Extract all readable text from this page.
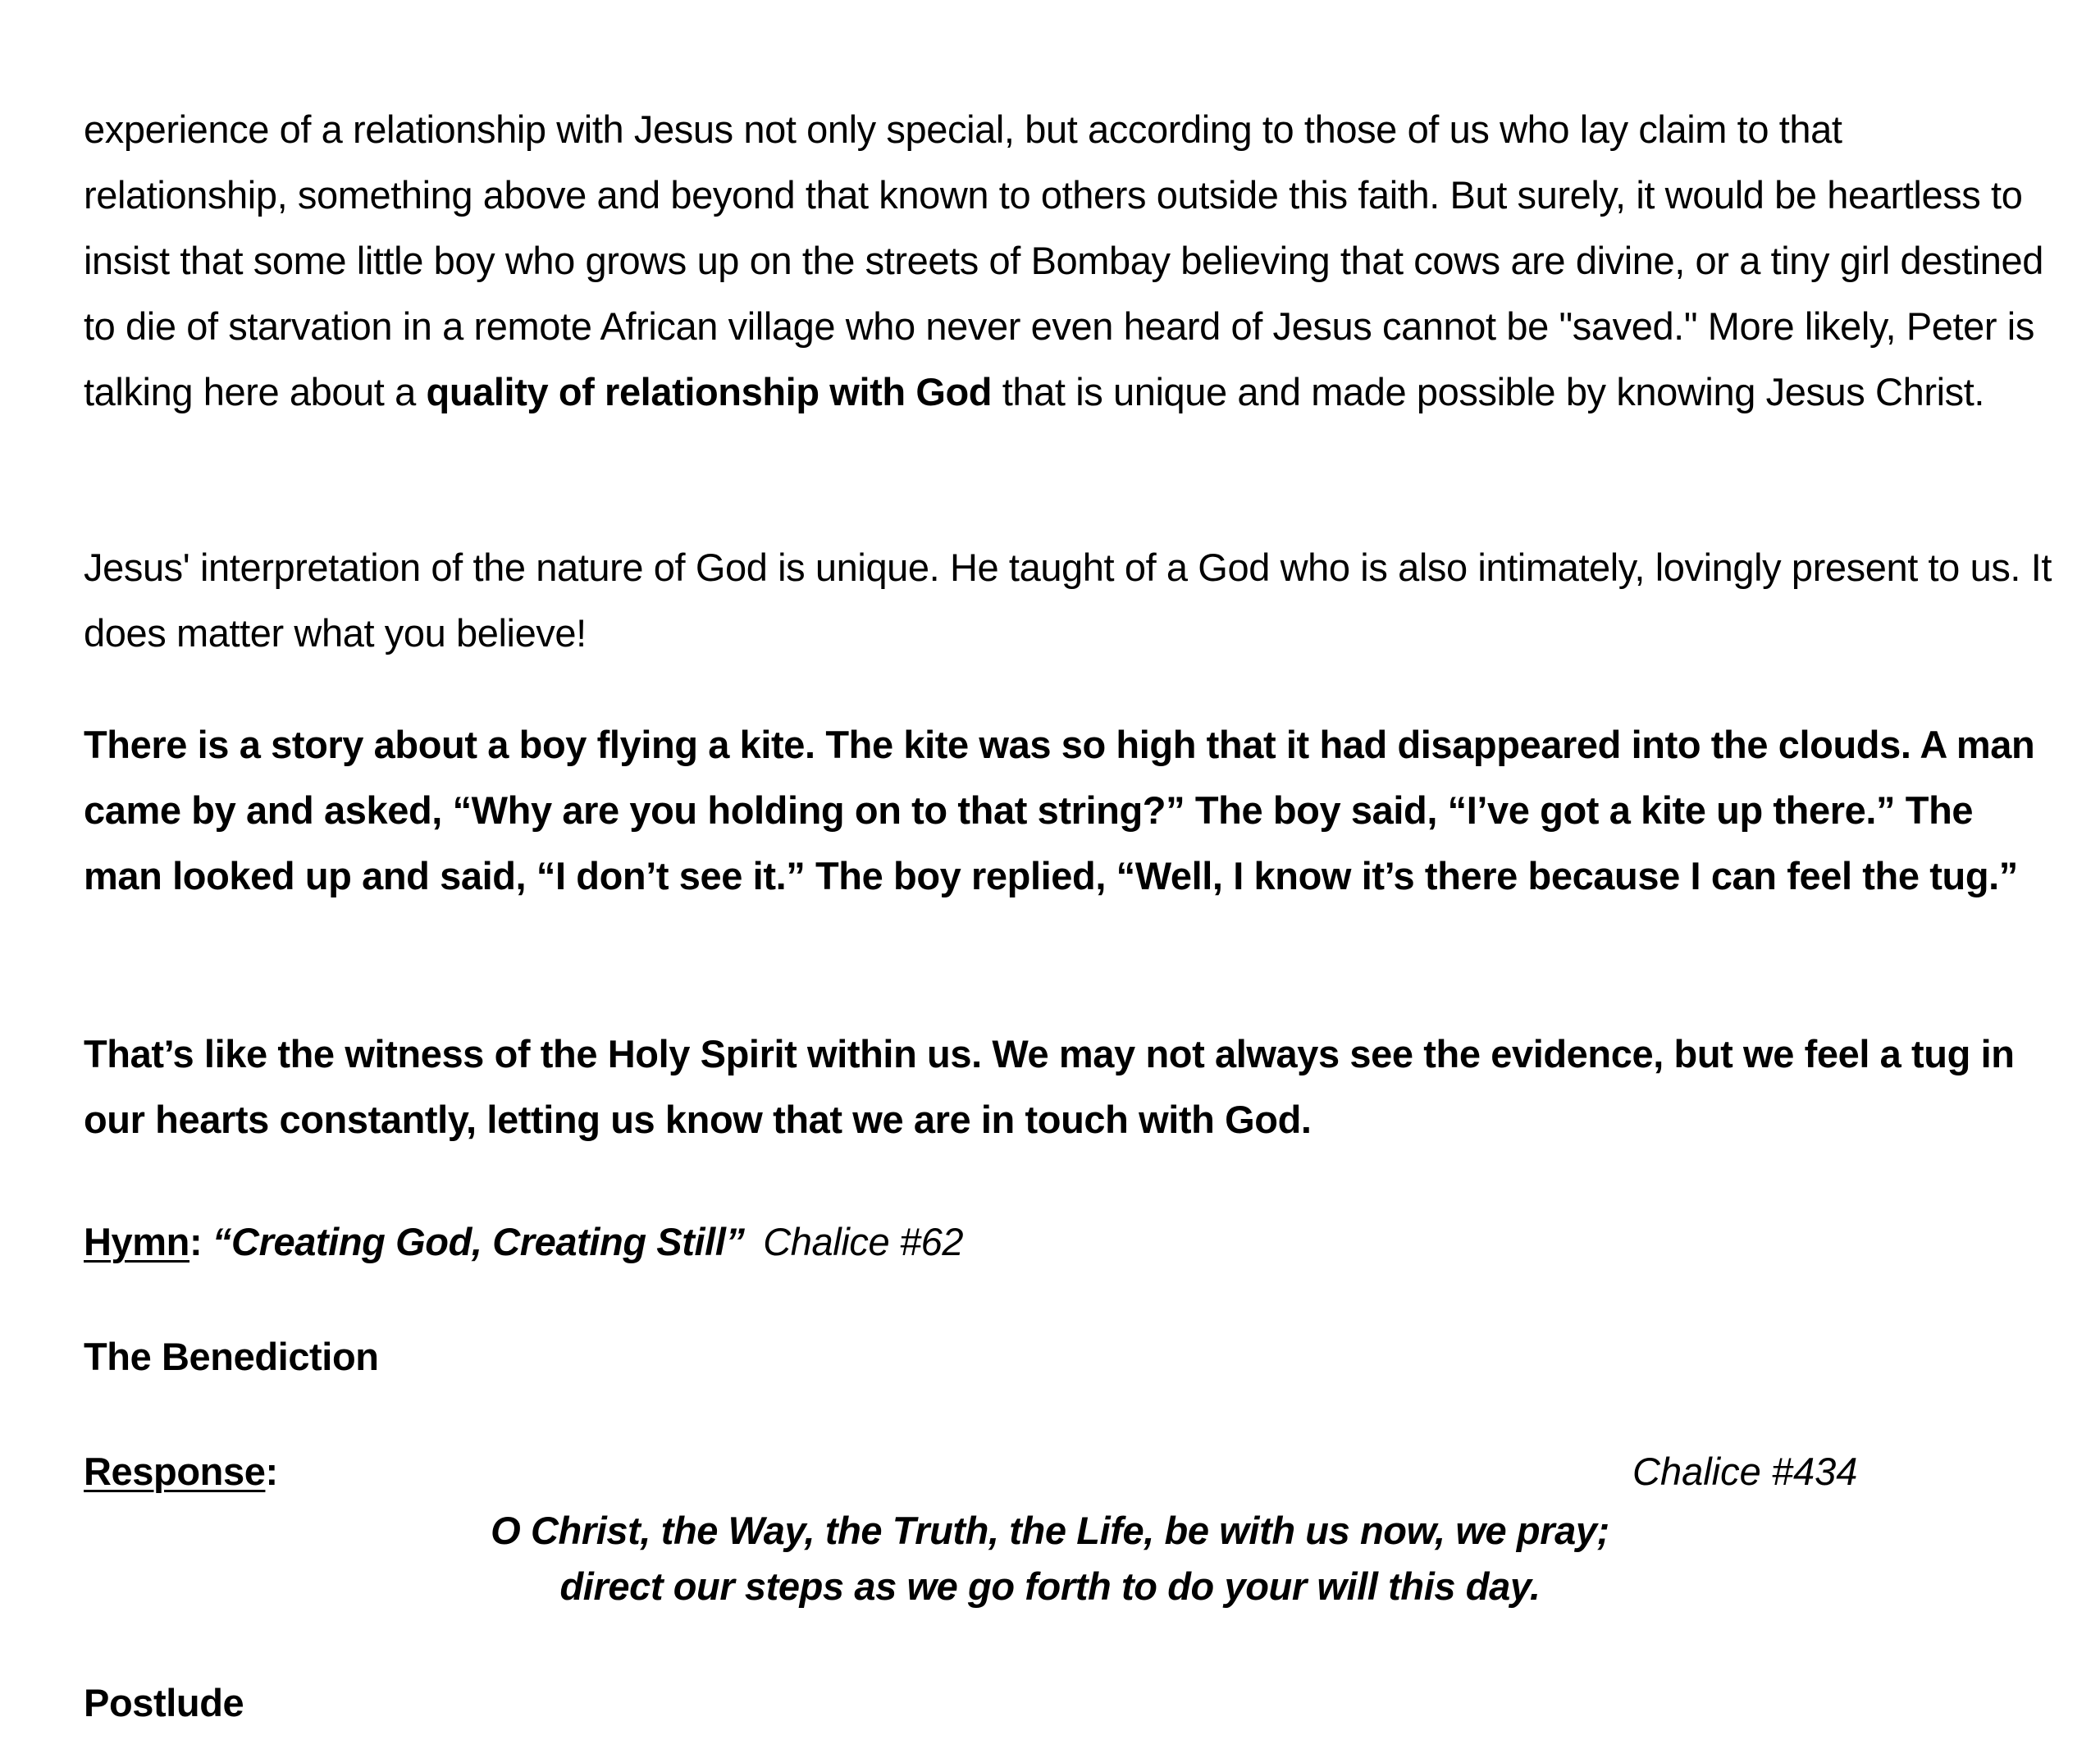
experience of a relationship with Jesus not only special, but according to those of us who lay claim to that relationship, something above and beyond that known to others outside this faith. But surely, it would be heartless to insist that some little boy who grows up on the streets of Bombay believing that cows are divine, or a tiny girl destined to die of starvation in a remote African village who never even heard of Jesus cannot be "saved." More likely, Peter is talking here about a quality of relationship with God that is unique and made possible by knowing Jesus Christ.

Jesus' interpretation of the nature of God is unique. He taught of a God who is also intimately, lovingly present to us. It does matter what you believe!

There is a story about a boy flying a kite. The kite was so high that it had disappeared into the clouds. A man came by and asked, “Why are you holding on to that string?” The boy said, “I’ve got a kite up there.” The man looked up and said, “I don’t see it.” The boy replied, “Well, I know it’s there because I can feel the tug.”

That’s like the witness of the Holy Spirit within us. We may not always see the evidence, but we feel a tug in our hearts constantly, letting us know that we are in touch with God.

Hymn: “Creating God, Creating Still” Chalice #62
The Benediction
Response:	Chalice #434
O Christ, the Way, the Truth, the Life, be with us now, we pray;
direct our steps as we go forth to do your will this day.
Postlude
